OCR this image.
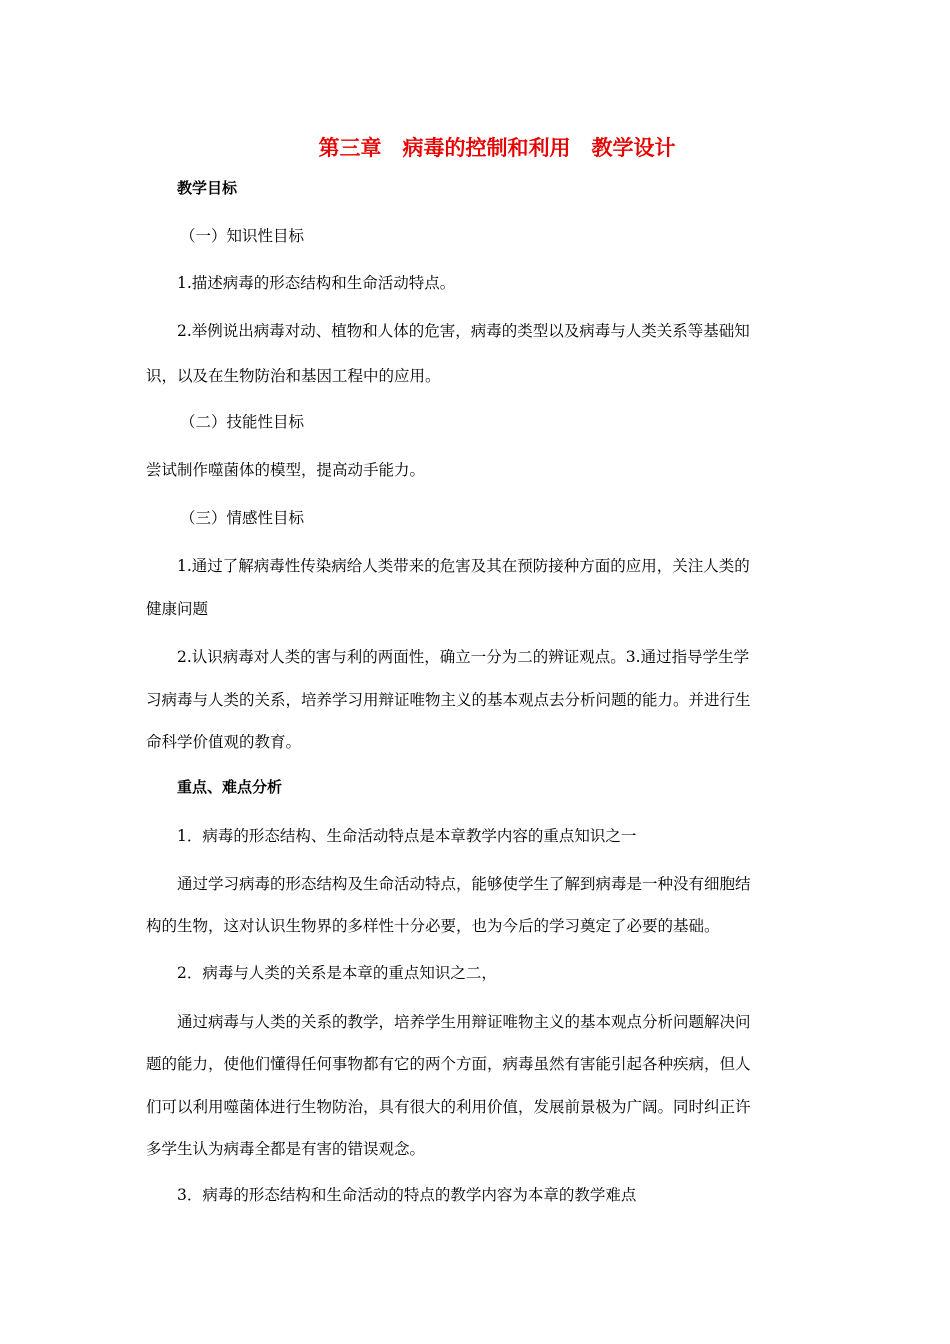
第三章　病毒的控制和利用　教学设计
教学目标
（一）知识性目标
1.描述病毒的形态结构和生命活动特点。
2.举例说出病毒对动、植物和人体的危害，病毒的类型以及病毒与人类关系等基础知
识，以及在生物防治和基因工程中的应用。
（二）技能性目标
尝试制作噬菌体的模型，提高动手能力。
（三）情感性目标
1.通过了解病毒性传染病给人类带来的危害及其在预防接种方面的应用，关注人类的
健康问题
2.认识病毒对人类的害与利的两面性，确立一分为二的辨证观点。3.通过指导学生学
习病毒与人类的关系，培养学习用辩证唯物主义的基本观点去分析问题的能力。并进行生
命科学价值观的教育。
重点、难点分析
1．病毒的形态结构、生命活动特点是本章教学内容的重点知识之一
通过学习病毒的形态结构及生命活动特点，能够使学生了解到病毒是一种没有细胞结
构的生物，这对认识生物界的多样性十分必要，也为今后的学习奠定了必要的基础。
2．病毒与人类的关系是本章的重点知识之二，
通过病毒与人类的关系的教学，培养学生用辩证唯物主义的基本观点分析问题解决问
题的能力，使他们懂得任何事物都有它的两个方面，病毒虽然有害能引起各种疾病，但人
们可以利用噬菌体进行生物防治，具有很大的利用价值，发展前景极为广阔。同时纠正许
多学生认为病毒全都是有害的错误观念。
3．病毒的形态结构和生命活动的特点的教学内容为本章的教学难点
